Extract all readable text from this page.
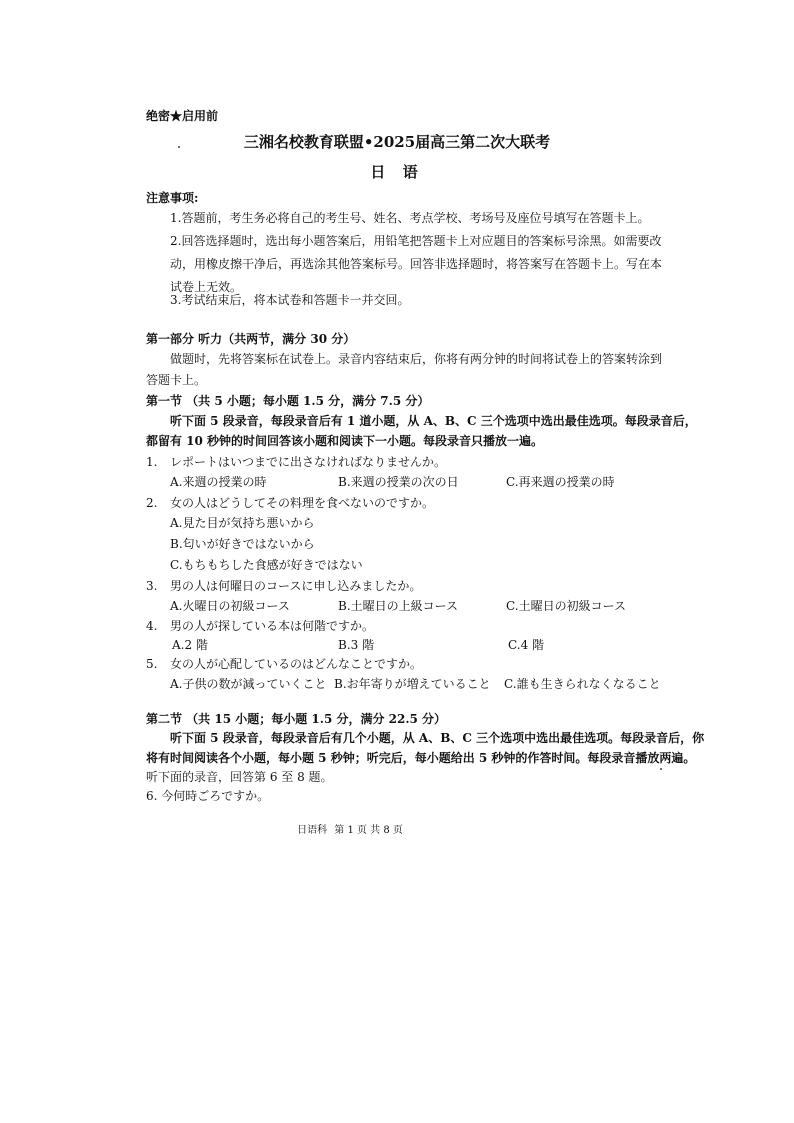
绝密★启用前
三湘名校教育联盟•2025届高三第二次大联考
日 语
注意事项:
1.答题前，考生务必将自己的考生号、姓名、考点学校、考场号及座位号填写在答题卡上。
2.回答选择题时，选出每小题答案后，用铅笔把答题卡上对应题目的答案标号涂黑。如需要改
动，用橡皮擦干净后，再选涂其他答案标号。回答非选择题时，将答案写在答题卡上。写在本
试卷上无效。
3.考试结束后，将本试卷和答题卡一并交回。
第一部分 听力（共两节，满分 30 分）
做题时，先将答案标在试卷上。录音内容结束后，你将有两分钟的时间将试卷上的答案转涂到
答题卡上。
第一节 （共 5 小题；每小题 1.5 分，满分 7.5 分）
听下面 5 段录音，每段录音后有 1 道小题，从 A、B、C 三个选项中选出最佳选项。每段录音后，
都留有 10 秒钟的时间回答该小题和阅读下一小题。每段录音只播放一遍。
1. レポートはいつまでに出さなければなりませんか。
A.来週の授業の時	B.来週の授業の次の日	C.再来週の授業の時
2. 女の人はどうしてその料理を食べないのですか。
A.見た目が気持ち悪いから
B.匂いが好きではないから
C.もちもちした食感が好きではない
3. 男の人は何曜日のコースに申し込みましたか。
A.火曜日の初級コース	B.土曜日の上級コース	C.土曜日の初級コース
4. 男の人が探している本は何階ですか。
A.2 階	B.3 階	C.4 階
5. 女の人が心配しているのはどんなことですか。
A.子供の数が減っていくこと B.お年寄りが増えていること C.誰も生きられなくなること
第二节 （共 15 小题；每小题 1.5 分，满分 22.5 分）
听下面 5 段录音，每段录音后有几个小题，从 A、B、C 三个选项中选出最佳选项。每段录音后，你
将有时间阅读各个小题，每小题 5 秒钟；听完后，每小题给出 5 秒钟的作答时间。每段录音播放两遍。
听下面的录音，回答第 6 至 8 题。
6. 今何時ごろですか。
日语科 第 1 页 共 8 页
